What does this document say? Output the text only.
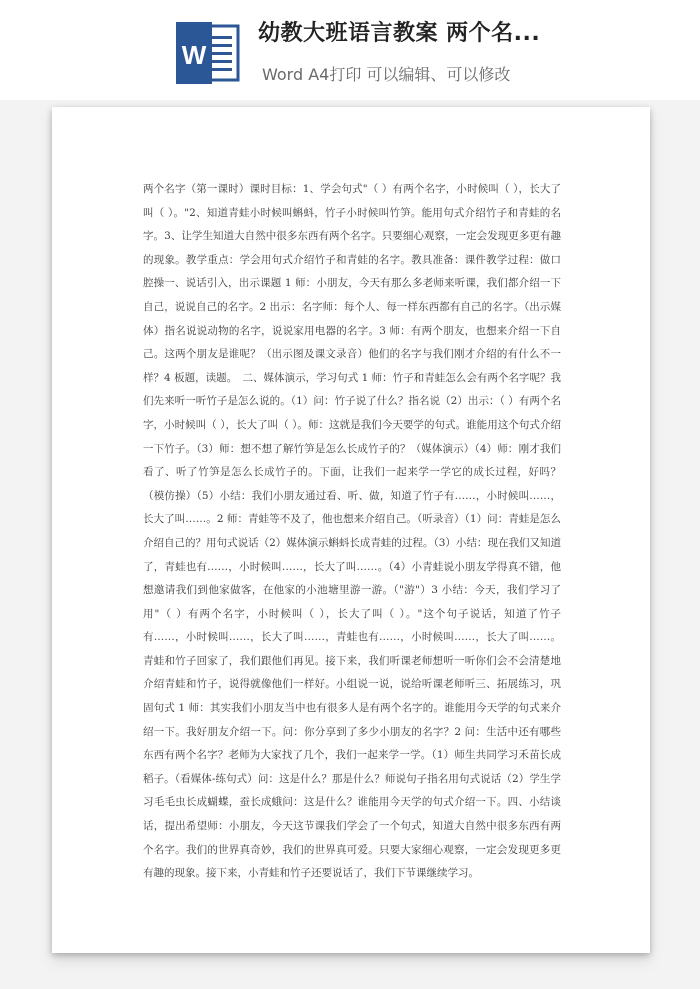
W
幼教大班语言教案 两个名...
Word A4打印 可以编辑、可以修改

两个名字（第一课时）课时目标：1、学会句式"（ ）有两个名字，小时候叫（ ），长大了叫（ ）。"2、知道青蛙小时候叫蝌蚪，竹子小时候叫竹笋。能用句式介绍竹子和青蛙的名字。3、让学生知道大自然中很多东西有两个名字。只要细心观察，一定会发现更多更有趣的现象。教学重点：学会用句式介绍竹子和青蛙的名字。教具准备：课件教学过程：做口腔操一、说话引入，出示课题 1 师：小朋友，今天有那么多老师来听课，我们都介绍一下自己，说说自己的名字。2 出示：名字师：每个人、每一样东西都有自己的名字。（出示媒体）指名说说动物的名字，说说家用电器的名字。3 师：有两个朋友，也想来介绍一下自己。这两个朋友是谁呢？（出示图及课文录音）他们的名字与我们刚才介绍的有什么不一样？4 板题，读题。　二、媒体演示，学习句式 1 师：竹子和青蛙怎么会有两个名字呢？我们先来听一听竹子是怎么说的。（1）问：竹子说了什么？指名说（2）出示：（ ）有两个名字，小时候叫（ ），长大了叫（ ）。师：这就是我们今天要学的句式。谁能用这个句式介绍一下竹子。（3）师：想不想了解竹笋是怎么长成竹子的？（媒体演示）（4）师：刚才我们看了、听了竹笋是怎么长成竹子的。下面，让我们一起来学一学它的成长过程，好吗？（模仿操）（5）小结：我们小朋友通过看、听、做，知道了竹子有……，小时候叫……，长大了叫……。2 师：青蛙等不及了，他也想来介绍自己。（听录音）（1）问：青蛙是怎么介绍自己的？用句式说话（2）媒体演示蝌蚪长成青蛙的过程。（3）小结：现在我们又知道了，青蛙也有……，小时候叫……，长大了叫……。（4）小青蛙说小朋友学得真不错，他想邀请我们到他家做客，在他家的小池塘里游一游。（"游"）3 小结：今天，我们学习了用"（ ）有两个名字，小时候叫（ ），长大了叫（ ）。"这个句子说话，知道了竹子有……，小时候叫……，长大了叫……，青蛙也有……，小时候叫……，长大了叫……。青蛙和竹子回家了，我们跟他们再见。接下来，我们听课老师想听一听你们会不会清楚地介绍青蛙和竹子，说得就像他们一样好。小组说一说，说给听课老师听三、拓展练习，巩固句式 1 师：其实我们小朋友当中也有很多人是有两个名字的。谁能用今天学的句式来介绍一下。我好朋友介绍一下。问：你分享到了多少小朋友的名字？2 问：生活中还有哪些东西有两个名字？老师为大家找了几个，我们一起来学一学。（1）师生共同学习禾苗长成稻子。（看媒体-练句式）问：这是什么？那是什么？师说句子指名用句式说话（2）学生学习毛毛虫长成蝴蝶，蚕长成蛾问：这是什么？谁能用今天学的句式介绍一下。四、小结谈话，提出希望师：小朋友，今天这节课我们学会了一个句式，知道大自然中很多东西有两个名字。我们的世界真奇妙，我们的世界真可爱。只要大家细心观察，一定会发现更多更有趣的现象。接下来，小青蛙和竹子还要说话了，我们下节课继续学习。
